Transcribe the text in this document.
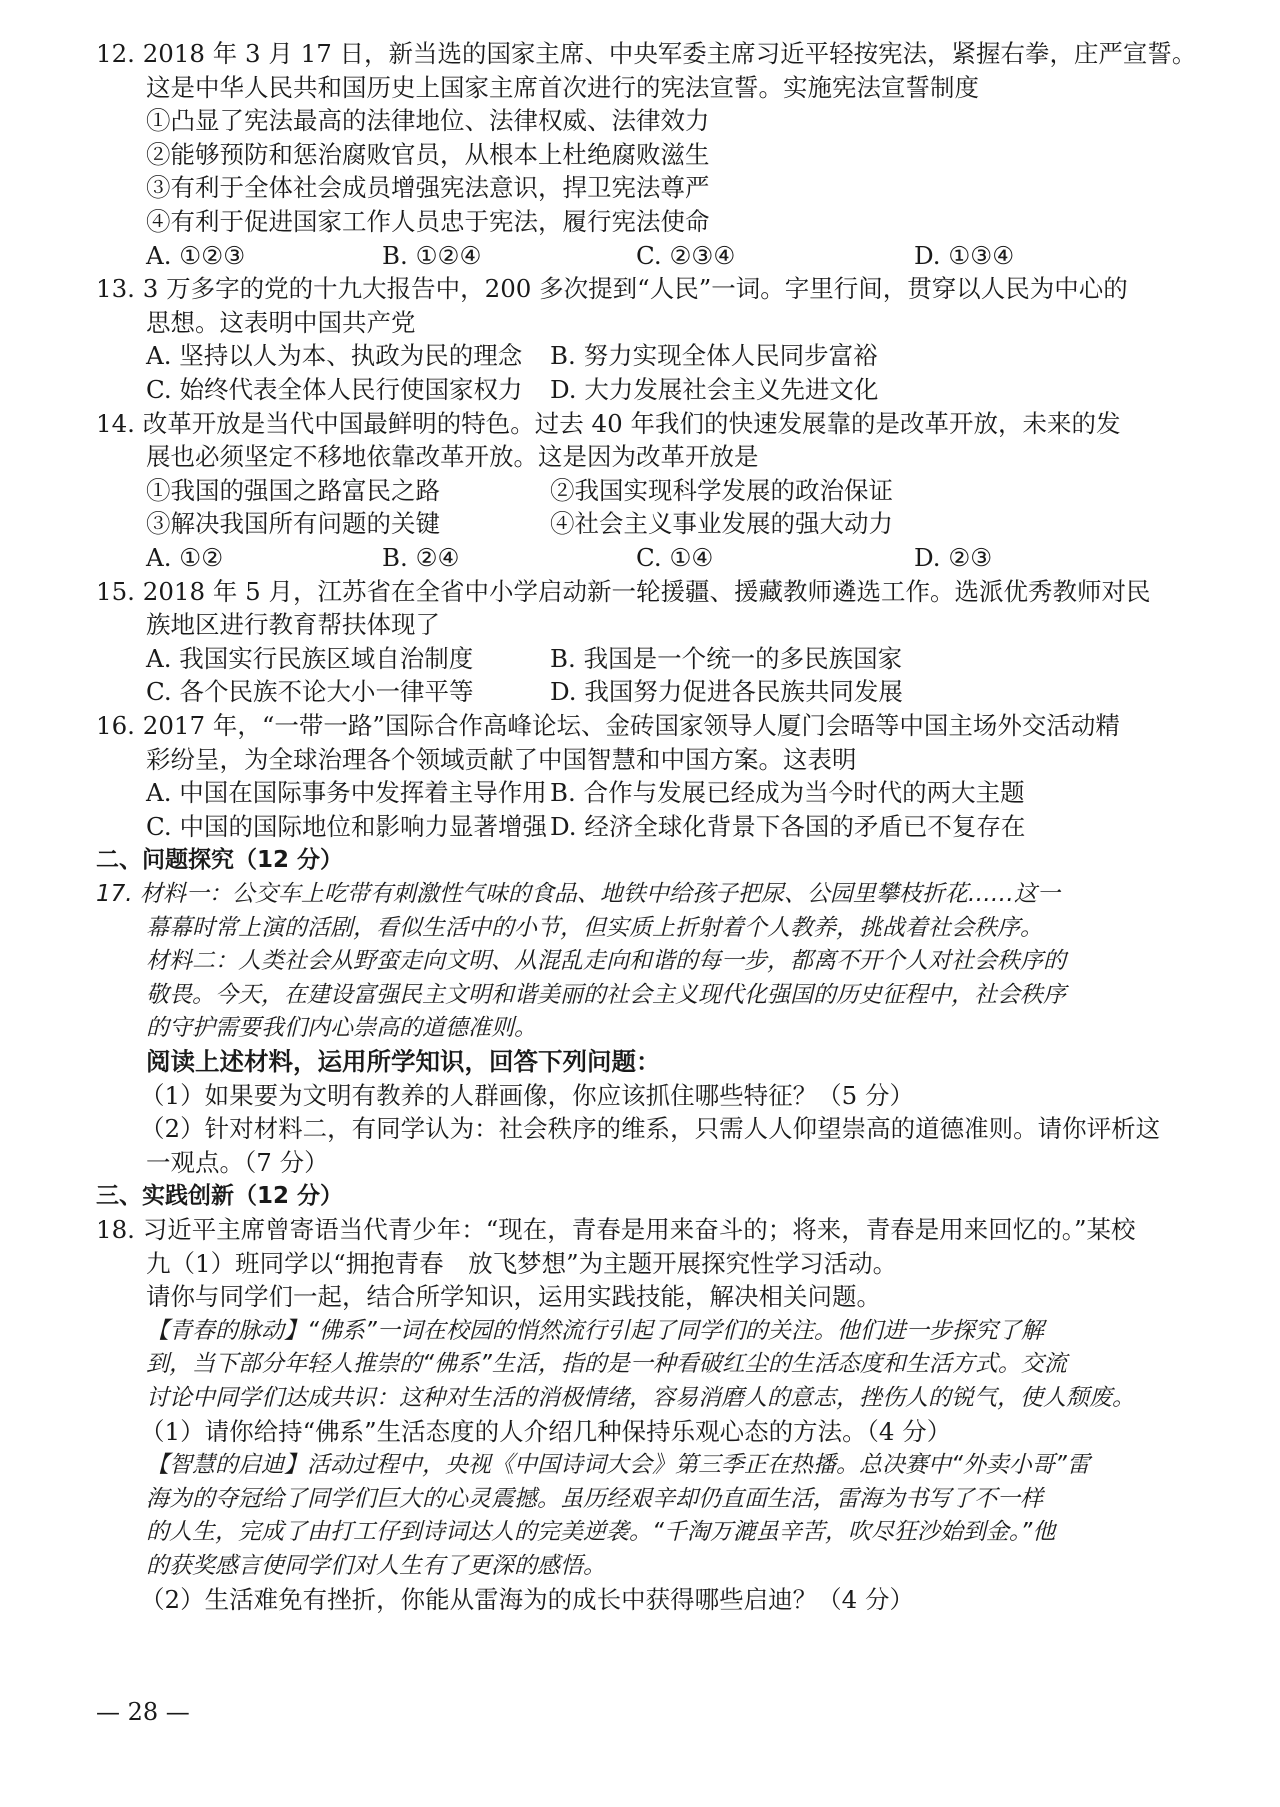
12. 2018 年 3 月 17 日，新当选的国家主席、中央军委主席习近平轻按宪法，紧握右拳，庄严宣誓。
这是中华人民共和国历史上国家主席首次进行的宪法宣誓。实施宪法宣誓制度
①凸显了宪法最高的法律地位、法律权威、法律效力
②能够预防和惩治腐败官员，从根本上杜绝腐败滋生
③有利于全体社会成员增强宪法意识，捍卫宪法尊严
④有利于促进国家工作人员忠于宪法，履行宪法使命
A. ①②③	B. ①②④	C. ②③④	D. ①③④
13. 3 万多字的党的十九大报告中，200 多次提到“人民”一词。字里行间，贯穿以人民为中心的
思想。这表明中国共产党
A. 坚持以人为本、执政为民的理念 B. 努力实现全体人民同步富裕
C. 始终代表全体人民行使国家权力 D. 大力发展社会主义先进文化
14. 改革开放是当代中国最鲜明的特色。过去 40 年我们的快速发展靠的是改革开放，未来的发
展也必须坚定不移地依靠改革开放。这是因为改革开放是
①我国的强国之路富民之路	②我国实现科学发展的政治保证
③解决我国所有问题的关键	④社会主义事业发展的强大动力
A. ①②	B. ②④	C. ①④	D. ②③
15. 2018 年 5 月，江苏省在全省中小学启动新一轮援疆、援藏教师遴选工作。选派优秀教师对民
族地区进行教育帮扶体现了
A. 我国实行民族区域自治制度	B. 我国是一个统一的多民族国家
C. 各个民族不论大小一律平等	D. 我国努力促进各民族共同发展
16. 2017 年，“一带一路”国际合作高峰论坛、金砖国家领导人厦门会晤等中国主场外交活动精
彩纷呈，为全球治理各个领域贡献了中国智慧和中国方案。这表明
A. 中国在国际事务中发挥着主导作用 B. 合作与发展已经成为当今时代的两大主题
C. 中国的国际地位和影响力显著增强 D. 经济全球化背景下各国的矛盾已不复存在
二、问题探究（12 分）
17. 材料一：公交车上吃带有刺激性气味的食品、地铁中给孩子把尿、公园里攀枝折花……这一
幕幕时常上演的活剧，看似生活中的小节，但实质上折射着个人教养，挑战着社会秩序。
材料二：人类社会从野蛮走向文明、从混乱走向和谐的每一步，都离不开个人对社会秩序的
敬畏。今天，在建设富强民主文明和谐美丽的社会主义现代化强国的历史征程中，社会秩序
的守护需要我们内心崇高的道德准则。
阅读上述材料，运用所学知识，回答下列问题：
（1）如果要为文明有教养的人群画像，你应该抓住哪些特征？（5 分）
（2）针对材料二，有同学认为：社会秩序的维系，只需人人仰望崇高的道德准则。请你评析这
一观点。（7 分）
三、实践创新（12 分）
18. 习近平主席曾寄语当代青少年：“现在，青春是用来奋斗的；将来，青春是用来回忆的。”某校
九（1）班同学以“拥抱青春　放飞梦想”为主题开展探究性学习活动。
请你与同学们一起，结合所学知识，运用实践技能，解决相关问题。
【青春的脉动】“佛系”一词在校园的悄然流行引起了同学们的关注。他们进一步探究了解
到，当下部分年轻人推崇的“佛系”生活，指的是一种看破红尘的生活态度和生活方式。交流
讨论中同学们达成共识：这种对生活的消极情绪，容易消磨人的意志，挫伤人的锐气，使人颓废。
（1）请你给持“佛系”生活态度的人介绍几种保持乐观心态的方法。（4 分）
【智慧的启迪】活动过程中，央视《中国诗词大会》第三季正在热播。总决赛中“外卖小哥”雷
海为的夺冠给了同学们巨大的心灵震撼。虽历经艰辛却仍直面生活，雷海为书写了不一样
的人生，完成了由打工仔到诗词达人的完美逆袭。“千淘万漉虽辛苦，吹尽狂沙始到金。”他
的获奖感言使同学们对人生有了更深的感悟。
（2）生活难免有挫折，你能从雷海为的成长中获得哪些启迪？（4 分）
— 28 —
